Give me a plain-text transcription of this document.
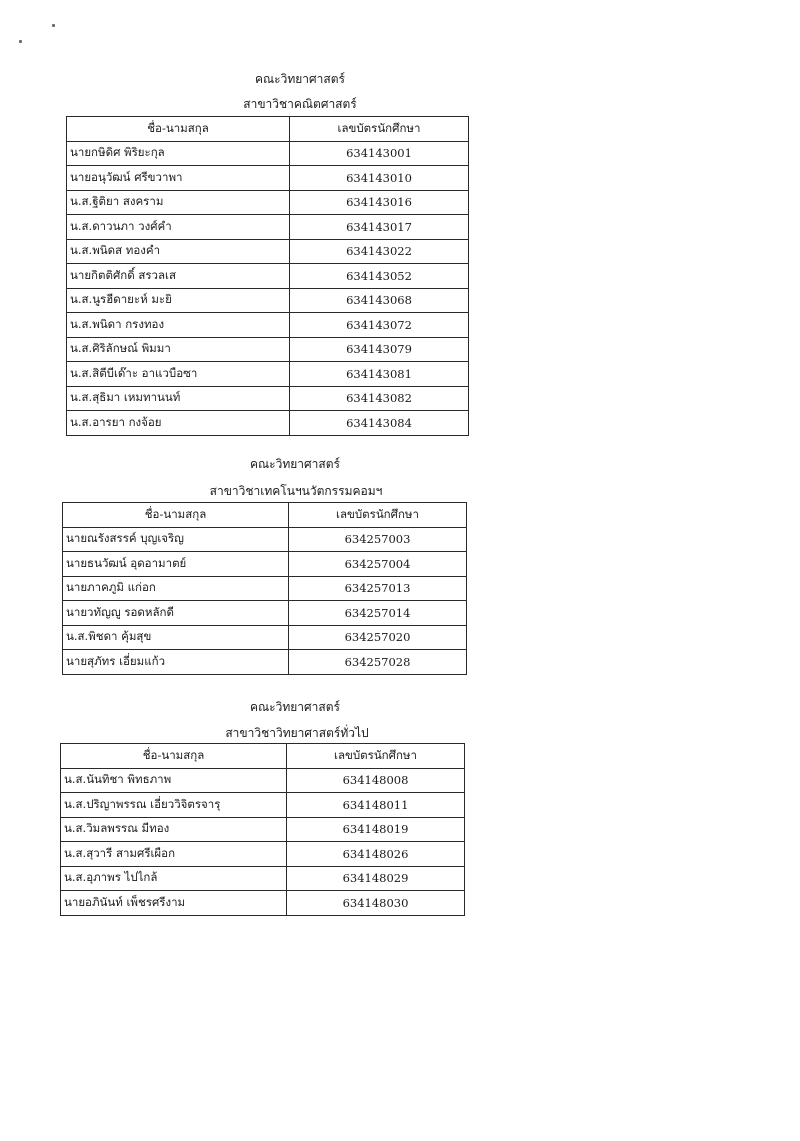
คณะวิทยาศาสตร์
สาขาวิชาคณิตศาสตร์
ชื่อ-นามสกุล	เลขบัตรนักศึกษา
นายกษิดิศ พิริยะกุล	634143001
นายอนุวัฒน์ ศรีขวาพา	634143010
น.ส.ฐิติยา สงคราม	634143016
น.ส.ดาวนภา วงศ์คำ	634143017
น.ส.พนิดส ทองคำ	634143022
นายกิตติศักดิ์ สรวลเส	634143052
น.ส.นูรฮีดายะห์ มะยิ	634143068
น.ส.พนิดา กรงทอง	634143072
น.ส.ศิริลักษณ์ พิมมา	634143079
น.ส.สิตีบีเด๊าะ อาแวบือซา	634143081
น.ส.สุธิมา เหมทานนท์	634143082
น.ส.อารยา กงจ้อย	634143084
คณะวิทยาศาสตร์
สาขาวิชาเทคโนฯนวัตกรรมคอมฯ
ชื่อ-นามสกุล	เลขบัตรนักศึกษา
นายณรังสรรค์ บุญเจริญ	634257003
นายธนวัฒน์ อุดอามาตย์	634257004
นายภาคภูมิ แก่อก	634257013
นายวทัญญู รอดหลักดี	634257014
น.ส.พิชดา คุ้มสุข	634257020
นายสุภัทร เอี่ยมแก้ว	634257028
คณะวิทยาศาสตร์
สาขาวิชาวิทยาศาสตร์ทั่วไป
ชื่อ-นามสกุล	เลขบัตรนักศึกษา
น.ส.นันทิชา พิทธภาพ	634148008
น.ส.ปริญาพรรณ เอี่ยววิจิตรจารุ	634148011
น.ส.วิมลพรรณ มีทอง	634148019
น.ส.สุวารี สามศรีเผือก	634148026
น.ส.อุภาพร ไปไกล้	634148029
นายอภินันท์ เพ็ชรศรีงาม	634148030
